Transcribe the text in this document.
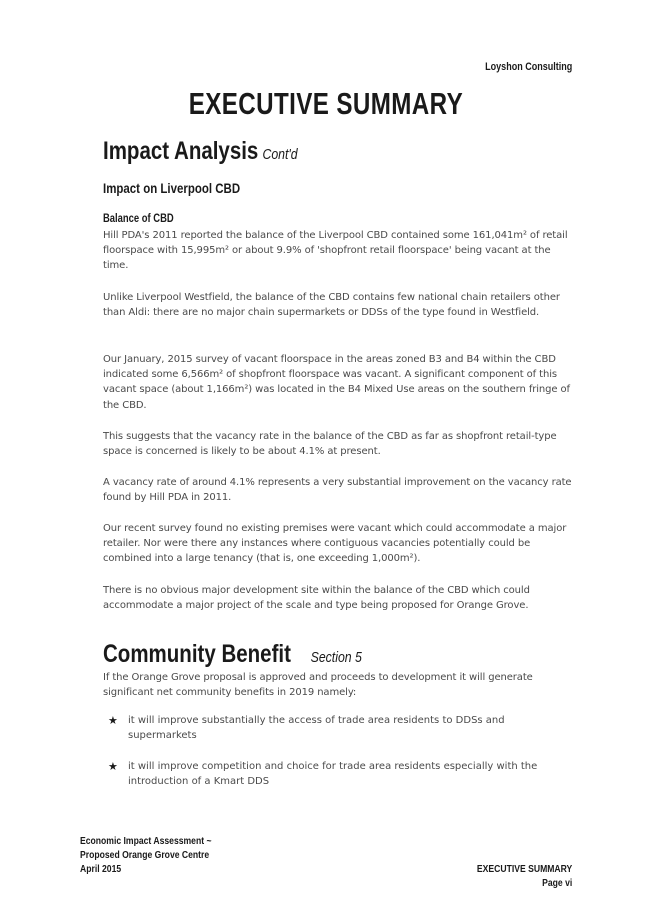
Loyshon Consulting
EXECUTIVE SUMMARY
Impact Analysis Cont'd
Impact on Liverpool CBD
Balance of CBD
Hill PDA's 2011 reported the balance of the Liverpool CBD contained some 161,041m² of retail floorspace with 15,995m² or about 9.9% of 'shopfront retail floorspace' being vacant at the time.
Unlike Liverpool Westfield, the balance of the CBD contains few national chain retailers other than Aldi: there are no major chain supermarkets or DDSs of the type found in Westfield.
Our January, 2015 survey of vacant floorspace in the areas zoned B3 and B4 within the CBD indicated some 6,566m² of shopfront floorspace was vacant. A significant component of this vacant space (about 1,166m²) was located in the B4 Mixed Use areas on the southern fringe of the CBD.
This suggests that the vacancy rate in the balance of the CBD as far as shopfront retail-type space is concerned is likely to be about 4.1% at present.
A vacancy rate of around 4.1% represents a very substantial improvement on the vacancy rate found by Hill PDA in 2011.
Our recent survey found no existing premises were vacant which could accommodate a major retailer. Nor were there any instances where contiguous vacancies potentially could be combined into a large tenancy (that is, one exceeding 1,000m²).
There is no obvious major development site within the balance of the CBD which could accommodate a major project of the scale and type being proposed for Orange Grove.
Community Benefit Section 5
If the Orange Grove proposal is approved and proceeds to development it will generate significant net community benefits in 2019 namely:
★ it will improve substantially the access of trade area residents to DDSs and supermarkets
★ it will improve competition and choice for trade area residents especially with the introduction of a Kmart DDS
Economic Impact Assessment ~
Proposed Orange Grove Centre
April 2015	EXECUTIVE SUMMARY
Page vi
